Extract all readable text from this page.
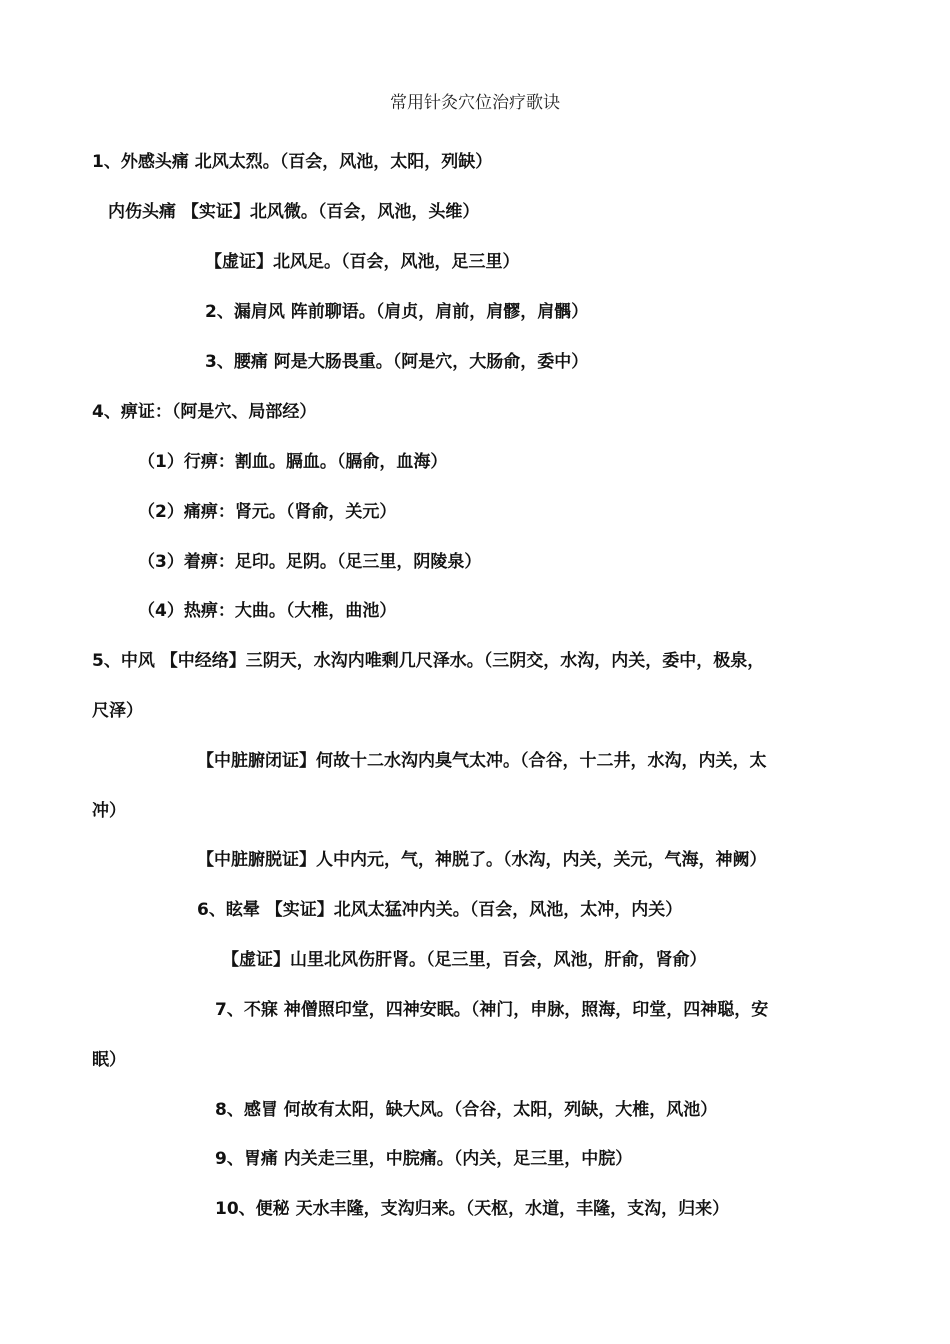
常用针灸穴位治疗歌诀
1、外感头痛 北风太烈。（百会，风池，太阳，列缺）
内伤头痛 【实证】北风微。（百会，风池，头维）
【虚证】北风足。（百会，风池，足三里）
2、漏肩风 阵前聊语。（肩贞，肩前，肩髎，肩髃）
3、腰痛 阿是大肠畏重。（阿是穴，大肠俞，委中）
4、痹证：（阿是穴、局部经）
（1）行痹：割血。膈血。（膈俞，血海）
（2）痛痹：肾元。（肾俞，关元）
（3）着痹：足印。足阴。（足三里，阴陵泉）
（4）热痹：大曲。（大椎，曲池）
5、中风 【中经络】三阴天，水沟内唯剩几尺泽水。（三阴交，水沟，内关，委中，极泉，
尺泽）
【中脏腑闭证】何故十二水沟内臭气太冲。（合谷，十二井，水沟，内关，太
冲）
【中脏腑脱证】人中内元，气，神脱了。（水沟，内关，关元，气海，神阙）
6、眩晕 【实证】北风太猛冲内关。（百会，风池，太冲，内关）
【虚证】山里北风伤肝肾。（足三里，百会，风池，肝俞，肾俞）
7、不寐 神僧照印堂，四神安眠。（神门，申脉，照海，印堂，四神聪，安
眠）
8、感冒 何故有太阳，缺大风。（合谷，太阳，列缺，大椎，风池）
9、胃痛 内关走三里，中脘痛。（内关，足三里，中脘）
10、便秘 天水丰隆，支沟归来。（天枢，水道，丰隆，支沟，归来）
